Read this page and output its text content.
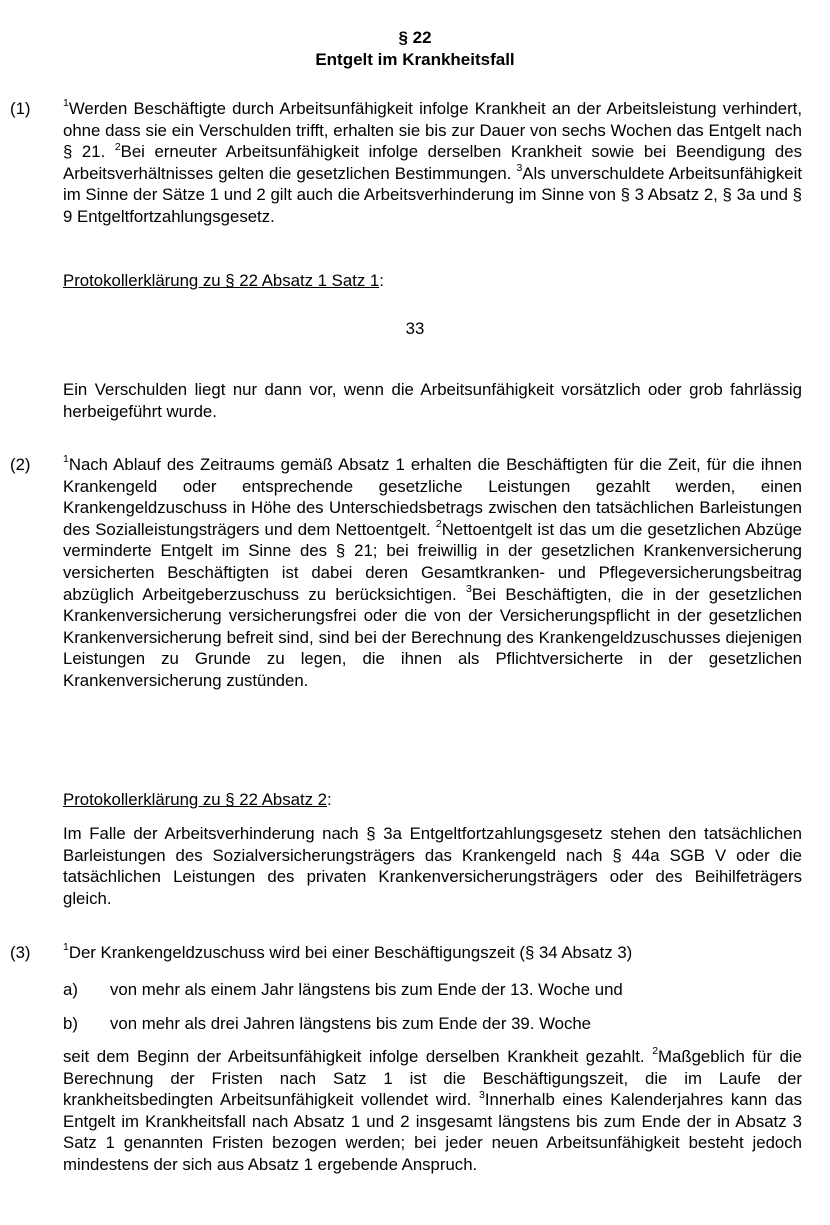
§ 22
Entgelt im Krankheitsfall
(1)	$^1$Werden Beschäftigte durch Arbeitsunfähigkeit infolge Krankheit an der Arbeitsleistung verhindert, ohne dass sie ein Verschulden trifft, erhalten sie bis zur Dauer von sechs Wochen das Entgelt nach § 21. $^2$Bei erneuter Arbeitsunfähigkeit infolge derselben Krankheit sowie bei Beendigung des Arbeitsverhältnisses gelten die gesetzlichen Bestimmungen. $^3$Als unverschuldete Arbeitsunfähigkeit im Sinne der Sätze 1 und 2 gilt auch die Arbeitsverhinderung im Sinne von § 3 Absatz 2, § 3a und § 9 Entgeltfortzahlungsgesetz.
Protokollerklärung zu § 22 Absatz 1 Satz 1:
33
Ein Verschulden liegt nur dann vor, wenn die Arbeitsunfähigkeit vorsätzlich oder grob fahrlässig herbeigeführt wurde.
(2)	$^1$Nach Ablauf des Zeitraums gemäß Absatz 1 erhalten die Beschäftigten für die Zeit, für die ihnen Krankengeld oder entsprechende gesetzliche Leistungen gezahlt werden, einen Krankengeldzuschuss in Höhe des Unterschiedsbetrags zwischen den tatsächlichen Barleistungen des Sozialleistungsträgers und dem Nettoentgelt. $^2$Nettoentgelt ist das um die gesetzlichen Abzüge verminderte Entgelt im Sinne des § 21; bei freiwillig in der gesetzlichen Krankenversicherung versicherten Beschäftigten ist dabei deren Gesamtkranken- und Pflegeversicherungsbeitrag abzüglich Arbeitgeberzuschuss zu berücksichtigen. $^3$Bei Beschäftigten, die in der gesetzlichen Krankenversicherung versicherungsfrei oder die von der Versicherungspflicht in der gesetzlichen Krankenversicherung befreit sind, sind bei der Berechnung des Krankengeldzuschusses diejenigen Leistungen zu Grunde zu legen, die ihnen als Pflichtversicherte in der gesetzlichen Krankenversicherung zustünden.
Protokollerklärung zu § 22 Absatz 2:
Im Falle der Arbeitsverhinderung nach § 3a Entgeltfortzahlungsgesetz stehen den tatsächlichen Barleistungen des Sozialversicherungsträgers das Krankengeld nach § 44a SGB V oder die tatsächlichen Leistungen des privaten Krankenversicherungsträgers oder des Beihilfeträgers gleich.
(3)	$^1$Der Krankengeldzuschuss wird bei einer Beschäftigungszeit (§ 34 Absatz 3)
a) von mehr als einem Jahr längstens bis zum Ende der 13. Woche und
b) von mehr als drei Jahren längstens bis zum Ende der 39. Woche
seit dem Beginn der Arbeitsunfähigkeit infolge derselben Krankheit gezahlt. $^2$Maßgeblich für die Berechnung der Fristen nach Satz 1 ist die Beschäftigungszeit, die im Laufe der krankheitsbedingten Arbeitsunfähigkeit vollendet wird. $^3$Innerhalb eines Kalenderjahres kann das Entgelt im Krankheitsfall nach Absatz 1 und 2 insgesamt längstens bis zum Ende der in Absatz 3 Satz 1 genannten Fristen bezogen werden; bei jeder neuen Arbeitsunfähigkeit besteht jedoch mindestens der sich aus Absatz 1 ergebende Anspruch.
